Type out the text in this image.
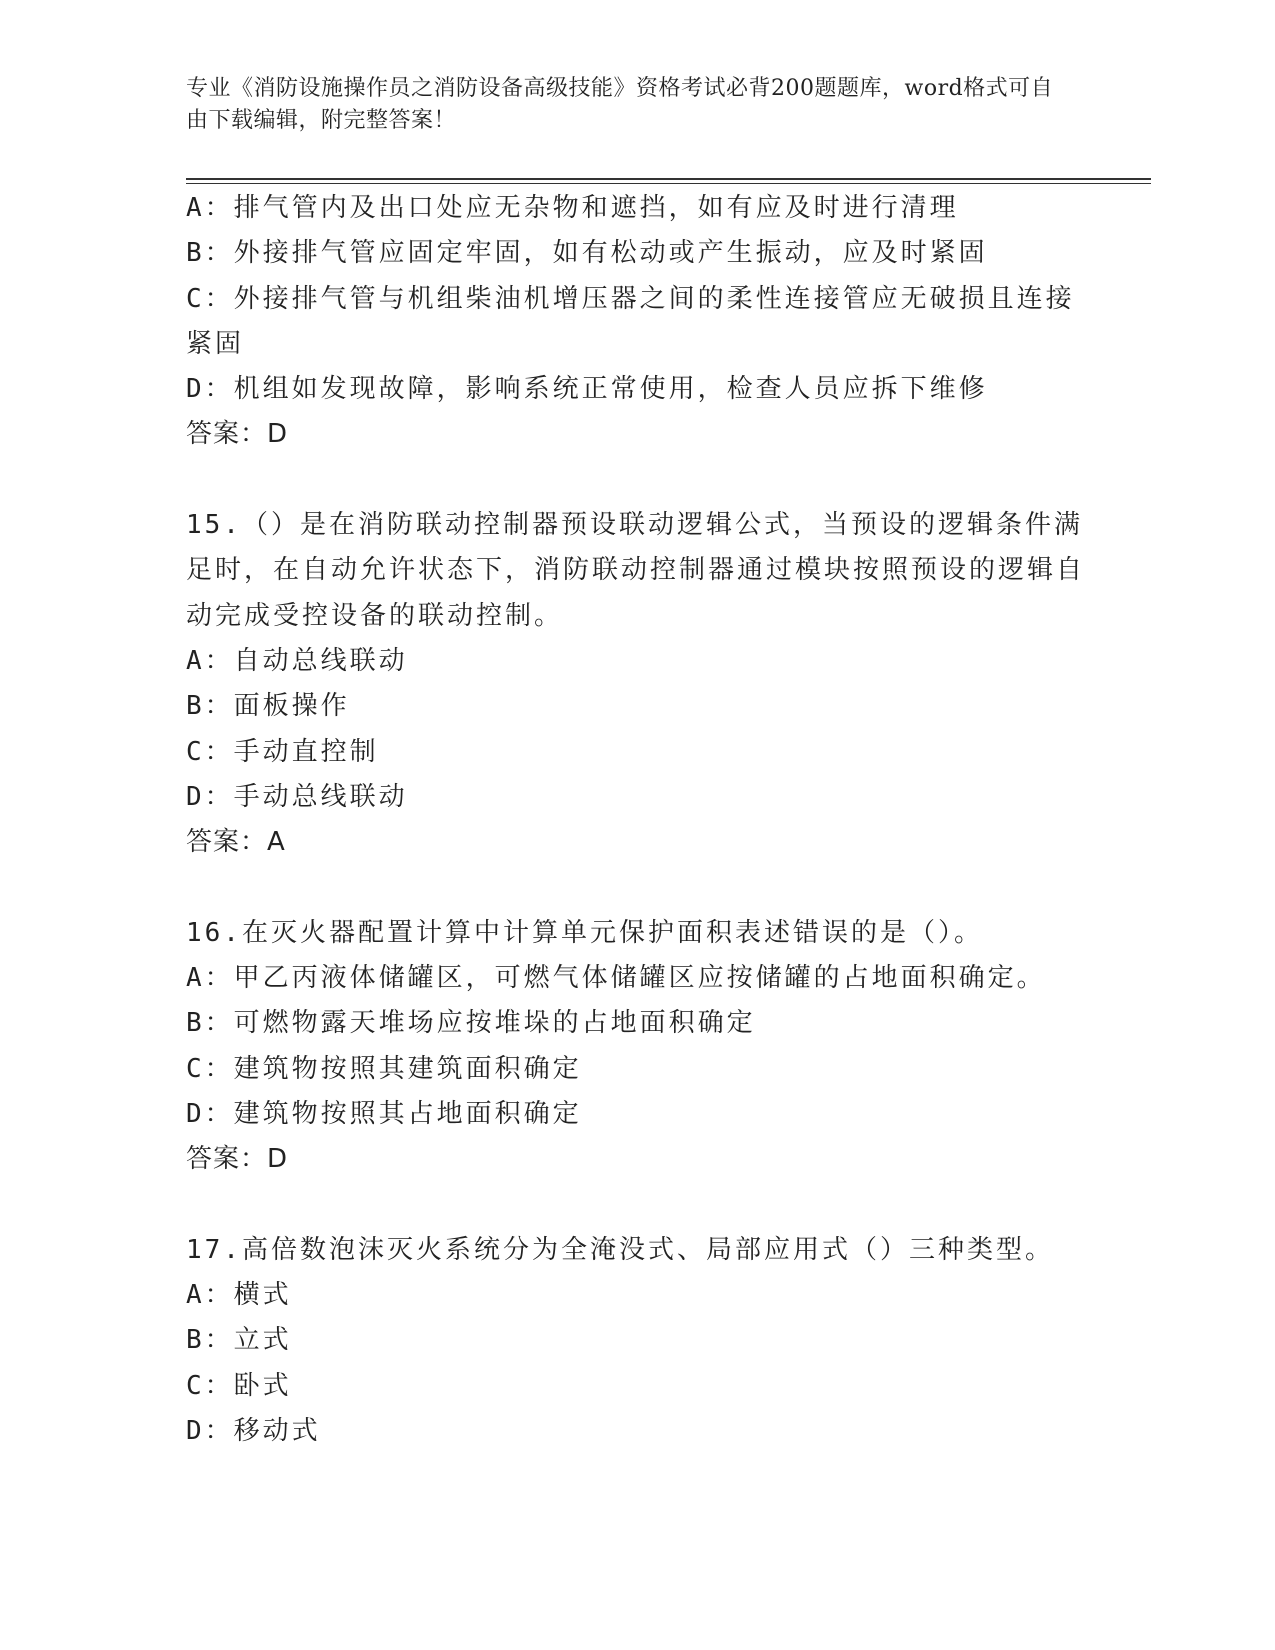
专业《消防设施操作员之消防设备高级技能》资格考试必背200题题库，word格式可自由下载编辑，附完整答案！
A：排气管内及出口处应无杂物和遮挡，如有应及时进行清理
B：外接排气管应固定牢固，如有松动或产生振动，应及时紧固
C：外接排气管与机组柴油机增压器之间的柔性连接管应无破损且连接紧固
D：机组如发现故障，影响系统正常使用，检查人员应拆下维修
答案：D
15.（）是在消防联动控制器预设联动逻辑公式，当预设的逻辑条件满足时，在自动允许状态下，消防联动控制器通过模块按照预设的逻辑自动完成受控设备的联动控制。
A：自动总线联动
B：面板操作
C：手动直控制
D：手动总线联动
答案：A
16.在灭火器配置计算中计算单元保护面积表述错误的是（）。
A：甲乙丙液体储罐区，可燃气体储罐区应按储罐的占地面积确定。
B：可燃物露天堆场应按堆垛的占地面积确定
C：建筑物按照其建筑面积确定
D：建筑物按照其占地面积确定
答案：D
17.高倍数泡沫灭火系统分为全淹没式、局部应用式（）三种类型。
A：横式
B：立式
C：卧式
D：移动式
